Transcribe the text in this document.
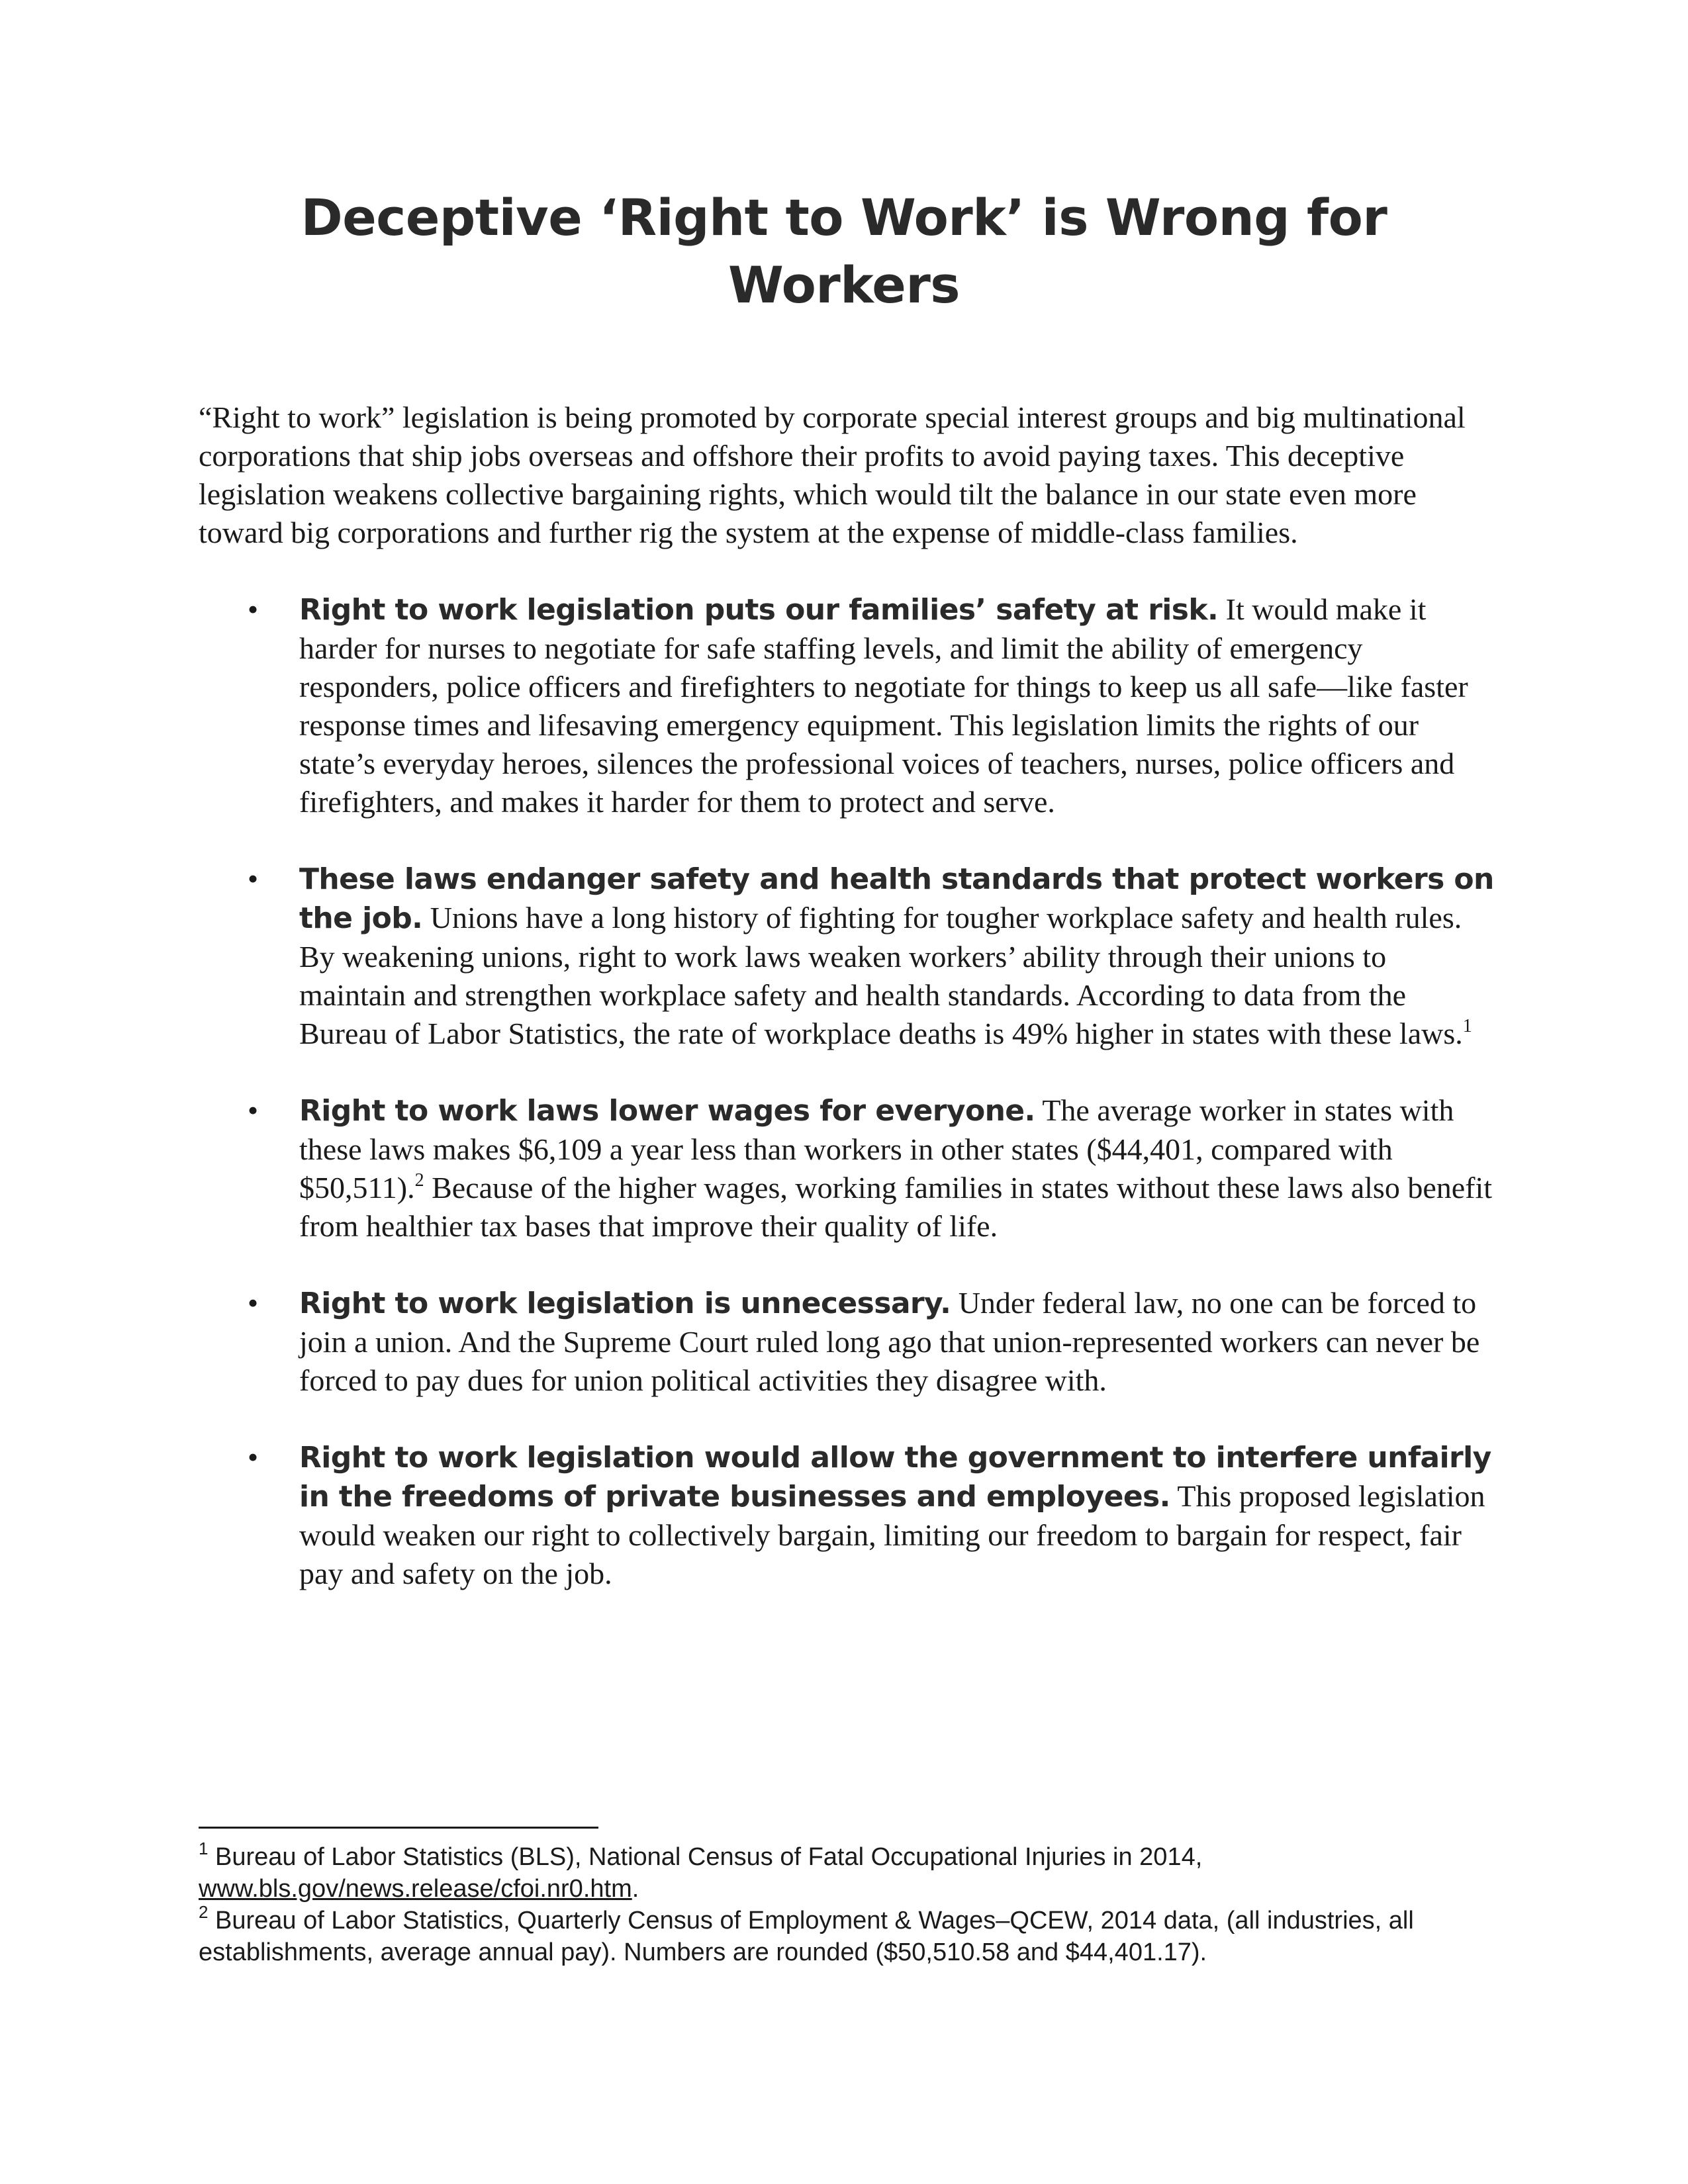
Deceptive ‘Right to Work’ is Wrong for Workers

“Right to work” legislation is being promoted by corporate special interest groups and big multinational corporations that ship jobs overseas and offshore their profits to avoid paying taxes. This deceptive legislation weakens collective bargaining rights, which would tilt the balance in our state even more toward big corporations and further rig the system at the expense of middle-class families.

• Right to work legislation puts our families’ safety at risk. It would make it harder for nurses to negotiate for safe staffing levels, and limit the ability of emergency responders, police officers and firefighters to negotiate for things to keep us all safe—like faster response times and lifesaving emergency equipment. This legislation limits the rights of our state’s everyday heroes, silences the professional voices of teachers, nurses, police officers and firefighters, and makes it harder for them to protect and serve.
• These laws endanger safety and health standards that protect workers on the job. Unions have a long history of fighting for tougher workplace safety and health rules. By weakening unions, right to work laws weaken workers’ ability through their unions to maintain and strengthen workplace safety and health standards. According to data from the Bureau of Labor Statistics, the rate of workplace deaths is 49% higher in states with these laws.$^1$
• Right to work laws lower wages for everyone. The average worker in states with these laws makes $6,109 a year less than workers in other states ($44,401, compared with $50,511).$^2$ Because of the higher wages, working families in states without these laws also benefit from healthier tax bases that improve their quality of life.
• Right to work legislation is unnecessary. Under federal law, no one can be forced to join a union. And the Supreme Court ruled long ago that union-represented workers can never be forced to pay dues for union political activities they disagree with.
• Right to work legislation would allow the government to interfere unfairly in the freedoms of private businesses and employees. This proposed legislation would weaken our right to collectively bargain, limiting our freedom to bargain for respect, fair pay and safety on the job.

$^1$ Bureau of Labor Statistics (BLS), National Census of Fatal Occupational Injuries in 2014, www.bls.gov/news.release/cfoi.nr0.htm.

$^2$ Bureau of Labor Statistics, Quarterly Census of Employment & Wages–QCEW, 2014 data, (all industries, all establishments, average annual pay). Numbers are rounded ($50,510.58 and $44,401.17).
